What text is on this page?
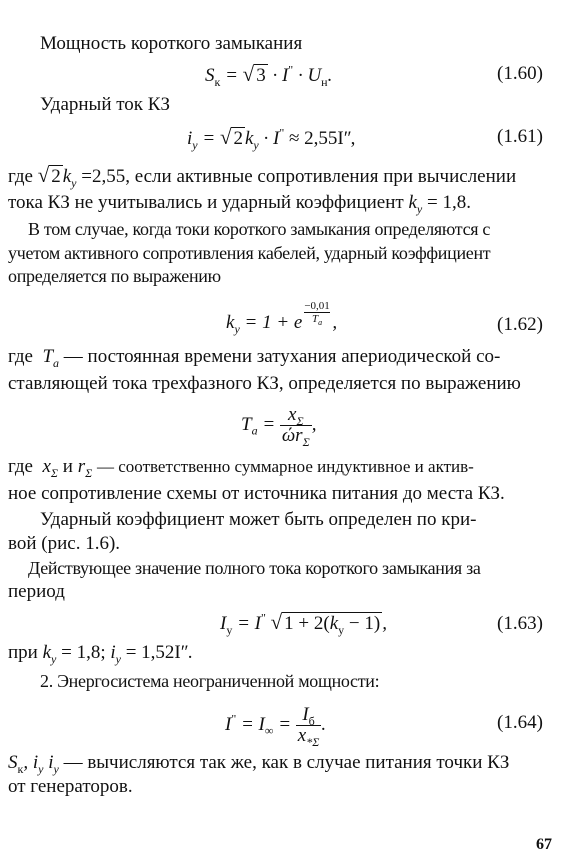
Мощность короткого замыкания
$S_к$ = √ $3 \cdot I^" \cdot U_н$.	(1.60)
Ударный ток КЗ
$i_у$ = √ 2 $k_у \cdot I^"$ ≈ 2,55Iʺ,	(1.61)
где √ 2 $k_у =2,55$, если активные сопротивления при вычислении
тока КЗ не учитывались и ударный коэффициент $k_у = 1,8$.
В том случае, когда токи короткого замыкания определяются с
учетом активного сопротивления кабелей, ударный коэффициент
определяется по выражению
$k_у = 1 + e$
−0,01
$T_а$ ,	(1.62)
где $T_а$ — постоянная времени затухания апериодической со-
ставляющей тока трехфазного КЗ, определяется по выражению
$T_а = \frac{x_\Sigma}{ώr_\Sigma}$ ,
где $x_\Sigma$ и $r_\Sigma$ — соответственно суммарное индуктивное и актив-
ное сопротивление схемы от источника питания до места КЗ.
Ударный коэффициент может быть определен по кри-
вой (рис. 1.6).
Действующее значение полного тока короткого замыкания за
период
$I_у = I^"$ √ $1 + 2(k_у - 1)$ ,	(1.63)
при $k_у = 1,8$; $i_у$ = 1,52Iʺ.
2. Энергосистема неограниченной мощности:
$I^" = I_\infty = \frac{I_б}{x_{*\Sigma}}$ .	(1.64)
$S_к$, $i_у$ $i_у$ — вычисляются так же, как в случае питания точки КЗ
от генераторов.
67
